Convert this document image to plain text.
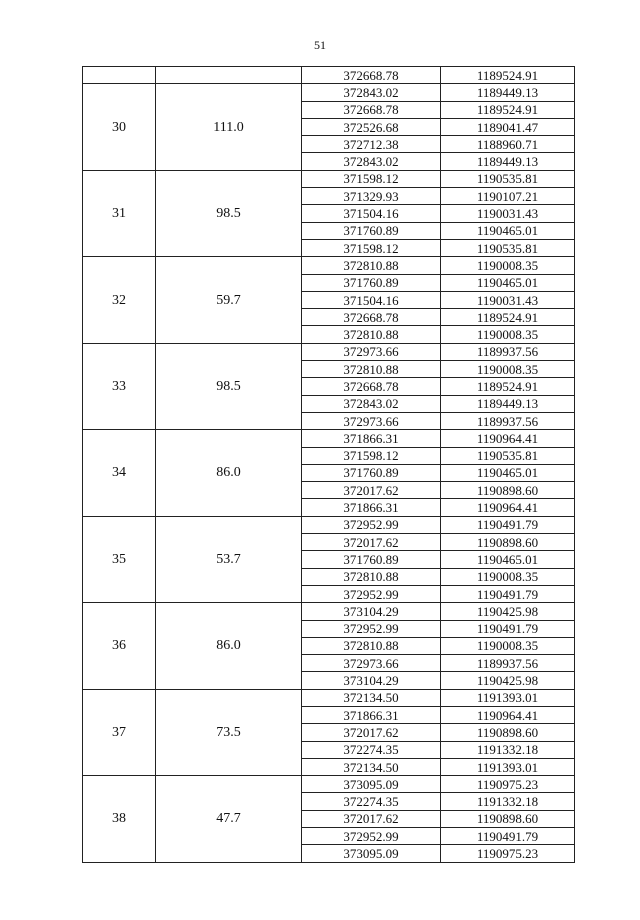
51
		372668.78	1189524.91
30	111.0	372843.02	1189449.13
		372668.78	1189524.91
		372526.68	1189041.47
		372712.38	1188960.71
		372843.02	1189449.13
31	98.5	371598.12	1190535.81
		371329.93	1190107.21
		371504.16	1190031.43
		371760.89	1190465.01
		371598.12	1190535.81
32	59.7	372810.88	1190008.35
		371760.89	1190465.01
		371504.16	1190031.43
		372668.78	1189524.91
		372810.88	1190008.35
33	98.5	372973.66	1189937.56
		372810.88	1190008.35
		372668.78	1189524.91
		372843.02	1189449.13
		372973.66	1189937.56
34	86.0	371866.31	1190964.41
		371598.12	1190535.81
		371760.89	1190465.01
		372017.62	1190898.60
		371866.31	1190964.41
35	53.7	372952.99	1190491.79
		372017.62	1190898.60
		371760.89	1190465.01
		372810.88	1190008.35
		372952.99	1190491.79
36	86.0	373104.29	1190425.98
		372952.99	1190491.79
		372810.88	1190008.35
		372973.66	1189937.56
		373104.29	1190425.98
37	73.5	372134.50	1191393.01
		371866.31	1190964.41
		372017.62	1190898.60
		372274.35	1191332.18
		372134.50	1191393.01
38	47.7	373095.09	1190975.23
		372274.35	1191332.18
		372017.62	1190898.60
		372952.99	1190491.79
		373095.09	1190975.23
